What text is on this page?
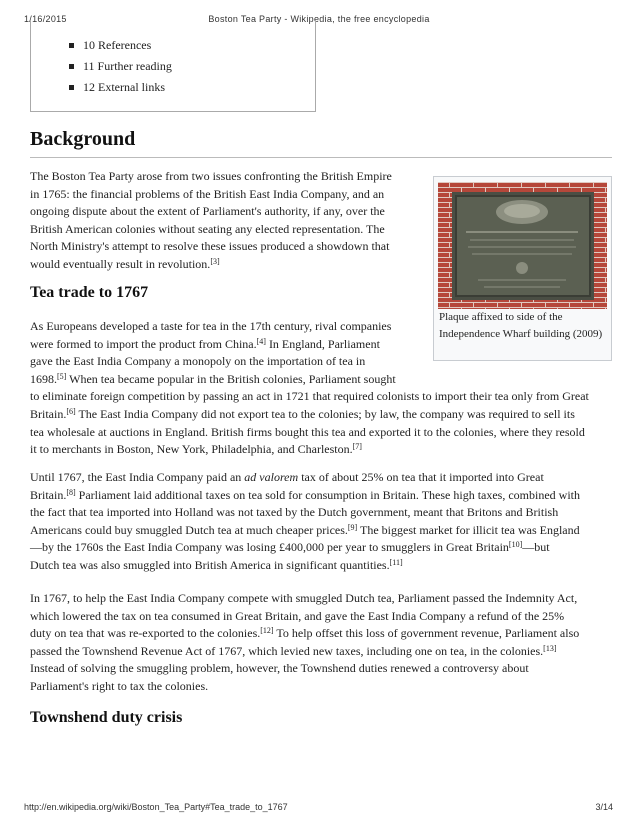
1/16/2015	Boston Tea Party - Wikipedia, the free encyclopedia
10 References
11 Further reading
12 External links
Background
The Boston Tea Party arose from two issues confronting the British Empire
in 1765: the financial problems of the British East India Company, and an
ongoing dispute about the extent of Parliament's authority, if any, over the
British American colonies without seating any elected representation. The
North Ministry's attempt to resolve these issues produced a showdown that
would eventually result in revolution.[3]
Plaque affixed to side of the Independence Wharf building (2009)
Tea trade to 1767
As Europeans developed a taste for tea in the 17th century, rival companies
were formed to import the product from China.[4] In England, Parliament
gave the East India Company a monopoly on the importation of tea in
1698.[5] When tea became popular in the British colonies, Parliament sought
to eliminate foreign competition by passing an act in 1721 that required colonists to import their tea only from Great
Britain.[6] The East India Company did not export tea to the colonies; by law, the company was required to sell its
tea wholesale at auctions in England. British firms bought this tea and exported it to the colonies, where they resold
it to merchants in Boston, New York, Philadelphia, and Charleston.[7]
Until 1767, the East India Company paid an ad valorem tax of about 25% on tea that it imported into Great
Britain.[8] Parliament laid additional taxes on tea sold for consumption in Britain. These high taxes, combined with
the fact that tea imported into Holland was not taxed by the Dutch government, meant that Britons and British
Americans could buy smuggled Dutch tea at much cheaper prices.[9] The biggest market for illicit tea was England
—by the 1760s the East India Company was losing £400,000 per year to smugglers in Great Britain[10]—but
Dutch tea was also smuggled into British America in significant quantities.[11]
In 1767, to help the East India Company compete with smuggled Dutch tea, Parliament passed the Indemnity Act,
which lowered the tax on tea consumed in Great Britain, and gave the East India Company a refund of the 25%
duty on tea that was re-exported to the colonies.[12] To help offset this loss of government revenue, Parliament also
passed the Townshend Revenue Act of 1767, which levied new taxes, including one on tea, in the colonies.[13]
Instead of solving the smuggling problem, however, the Townshend duties renewed a controversy about
Parliament's right to tax the colonies.
Townshend duty crisis
http://en.wikipedia.org/wiki/Boston_Tea_Party#Tea_trade_to_1767	3/14
